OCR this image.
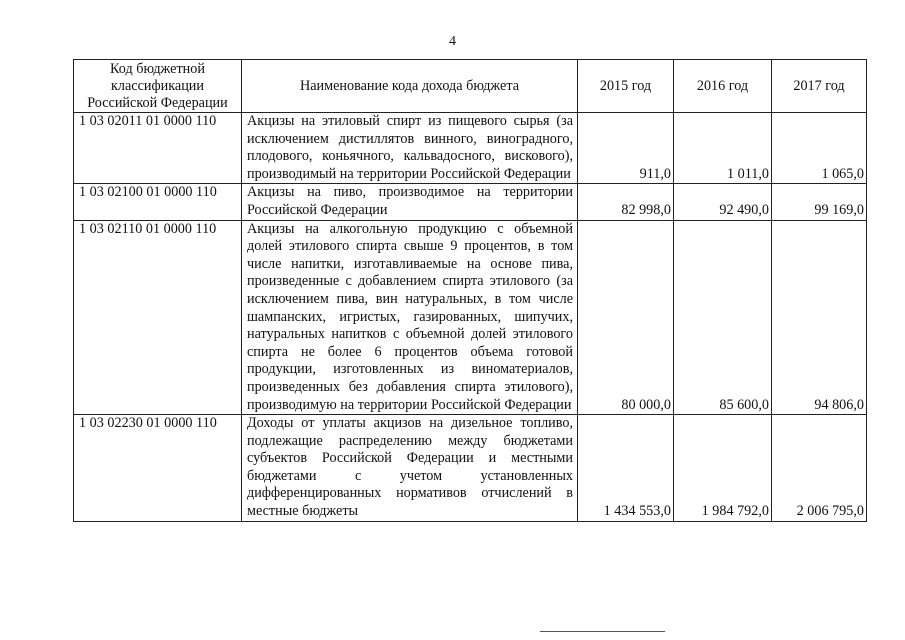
4
Код бюджетной классификации Российской Федерации	Наименование кода дохода бюджета	2015 год	2016 год	2017 год
1 03 02011 01 0000 110	Акцизы на этиловый спирт из пищевого сырья (за исключением дистиллятов винного, виноградного, плодового, коньячного, кальвадосного, вискового), производимый на территории Российской Федерации	911,0	1 011,0	1 065,0
1 03 02100 01 0000 110	Акцизы на пиво, производимое на территории Российской Федерации	82 998,0	92 490,0	99 169,0
1 03 02110 01 0000 110	Акцизы на алкогольную продукцию с объемной долей этилового спирта свыше 9 процентов, в том числе напитки, изготавливаемые на основе пива, произведенные с добавлением спирта этилового (за исключением пива, вин натуральных, в том числе шампанских, игристых, газированных, шипучих, натуральных напитков с объемной долей этилового спирта не более 6 процентов объема готовой продукции, изготовленных из виноматериалов, произведенных без добавления спирта этилового), производимую на территории Российской Федерации	80 000,0	85 600,0	94 806,0
1 03 02230 01 0000 110	Доходы от уплаты акцизов на дизельное топливо, подлежащие распределению между бюджетами субъектов Российской Федерации и местными бюджетами с учетом установленных дифференцированных нормативов отчислений в местные бюджеты	1 434 553,0	1 984 792,0	2 006 795,0
